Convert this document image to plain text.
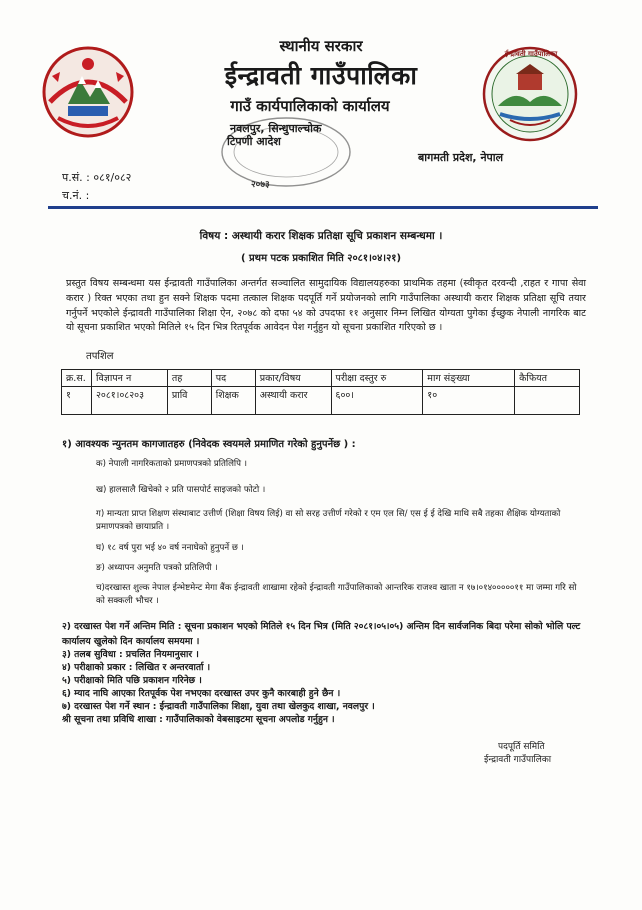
ईन्द्रावती गाउँपालिका
स्थानीय सरकार
ईन्द्रावती गाउँपालिका
गाउँ कार्यपालिकाको कार्यालय
नवलपुर, सिन्धुपाल्चोक
टिपणी आदेश
२०७३
बागमती प्रदेश, नेपाल
प.सं. : ०८१/०८२
च.नं. :
विषय : अस्थायी करार शिक्षक प्रतिक्षा सूचि प्रकाशन सम्बन्धमा ।
( प्रथम पटक प्रकाशित मिति २०८१।०४।२१)
प्रस्तुत विषय सम्बन्धमा यस ईन्द्रावती गाउँपालिका अन्तर्गत सञ्चालित सामुदायिक विद्यालयहरुका प्राथमिक तहमा (स्वीकृत दरवन्दी ,राहत र गापा सेवा करार ) रिक्त भएका तथा हुन सक्ने शिक्षक पदमा तत्काल शिक्षक पदपूर्ति गर्ने प्रयोजनको लागि गाउँपालिका अस्थायी करार शिक्षक प्रतिक्षा सूचि तयार गर्नुपर्ने भएकोले ईन्द्रावती गाउँपालिका शिक्षा ऐन, २०७८ को दफा ५४ को उपदफा ११ अनुसार निम्न लिखित योग्यता पुगेका ईच्छुक नेपाली नागरिक बाट यो सूचना प्रकाशित भएको मितिले १५ दिन भित्र रितपूर्वक आवेदन पेश गर्नुहुन यो सूचना प्रकाशित गरिएको छ ।
तपशिल
क्र.स.	विज्ञापन न	तह	पद	प्रकार/विषय	परीक्षा दस्तुर रु	माग संङ्ख्या	कैफियत
१	२०८१।०८२०३	प्रावि	शिक्षक	अस्थायी करार	६००।	१०	
१) आवश्यक न्युनतम कागजातहरु (निवेदक स्वयमले प्रमाणित गरेको हुनुपर्नेछ ) :
क) नेपाली नागरिकताको प्रमाणपत्रको प्रतिलिपि ।
ख) हालसालै खिचेको २ प्रति पासपोर्ट साइजको फोटो ।
ग) मान्यता प्राप्त शिक्षण संस्थाबाट उत्तीर्ण (शिक्षा विषय लिई) वा सो सरह उत्तीर्ण गरेको र एम एल सि/ एस ई ई देखि माथि सबै तहका शैक्षिक योग्यताको प्रमाणपत्रको छायाप्रति ।
घ) १८ वर्ष पुरा भई ४० वर्ष ननाघेको हुनुपर्ने छ ।
ङ) अध्यापन अनुमति पत्रको प्रतिलिपी ।
च)दरखास्त शुल्क नेपाल ईन्भेष्टमेन्ट मेगा बैंक ईन्द्रावती शाखामा रहेको ईन्द्रावती गाउँपालिकाको आन्तरिक राजश्व खाता न १७।०१४०००००११ मा जम्मा गरि सो को सक्कली भौचर ।
२) दरखास्त पेश गर्ने अन्तिम मिति : सूचना प्रकाशन भएको मितिले १५ दिन भित्र (मिति २०८१।०५।०५) अन्तिम दिन सार्वजनिक बिदा परेमा सोको भोलि पल्ट कार्यालय खुलेको दिन कार्यालय समयमा ।
३) तलब सुविधा : प्रचलित नियमानुसार ।
४) परीक्षाको प्रकार : लिखित र अन्तरवार्ता ।
५) परीक्षाको मिति पछि प्रकाशन गरिनेछ ।
६) म्याद नाघि आएका रितपूर्वक पेश नभएका दरखास्त उपर कुनै कारबाही हुने छैन ।
७) दरखास्त पेश गर्ने स्थान : ईन्द्रावती गाउँपालिका शिक्षा, युवा तथा खेलकुद शाखा, नवलपुर ।
श्री सूचना तथा प्रविधि शाखा : गाउँपालिकाको वेबसाइटमा सूचना अपलोड गर्नुहुन ।
पदपूर्ति समिति
ईन्द्रावती गाउँपालिका
